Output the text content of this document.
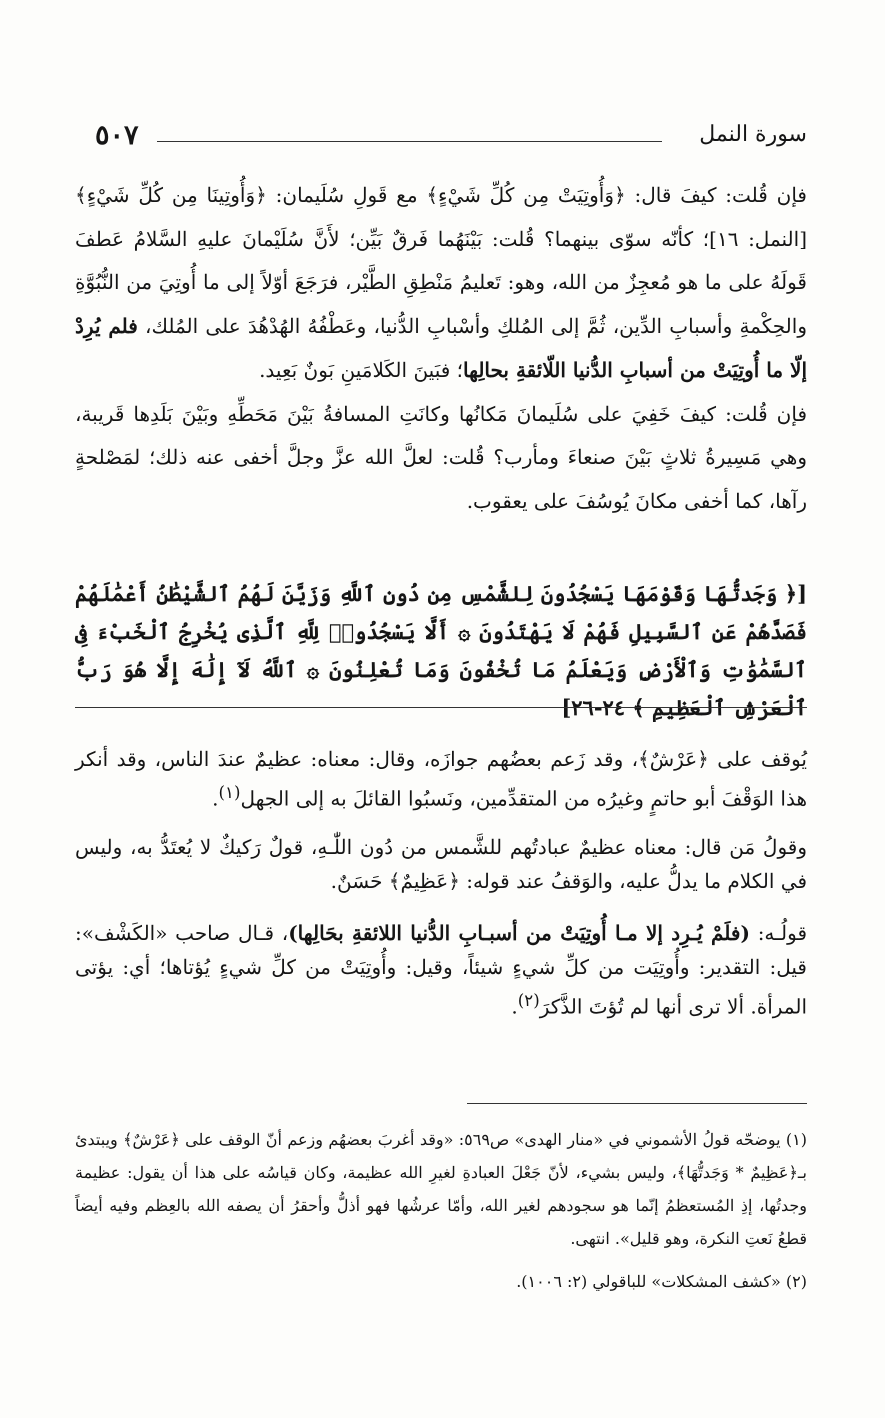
٥٠٧	سورة النمل

فإن قُلت: كيفَ قال: ﴿وَأُوتِيَتْ مِن كُلِّ شَيْءٍ﴾ مع قَولِ سُلَيمان: ﴿وَأُوتِينَا مِن كُلِّ شَيْءٍ﴾ [النمل: ١٦]؛ كأنّه سوّى بينهما؟ قُلت: بَيْنَهُما فَرقٌ بَيِّن؛ لأَنَّ سُلَيْمانَ عليهِ السَّلامُ عَطفَ قَولَهُ على ما هو مُعجِزٌ من الله، وهو: تَعليمُ مَنْطِقِ الطَّيْر، فرَجَعَ أوّلاً إلى ما أُوتِيَ من النُّبُوَّةِ والحِكْمةِ وأسبابِ الدِّين، ثُمَّ إلى المُلكِ وأسْبابِ الدُّنيا، وعَطْفُهُ الهُدْهُدَ على المُلك، فلم يُرِدْ إلّا ما أُوتِيَتْ من أسبابِ الدُّنيا اللّائقةِ بحالِها؛ فبَينَ الكَلامَينِ بَونٌ بَعِيد.

فإن قُلت: كيفَ خَفِيَ على سُلَيمانَ مَكانُها وكانَتِ المسافةُ بَيْنَ مَحَطِّهِ وبَيْنَ بَلَدِها قَريبة، وهي مَسِيرةُ ثلاثٍ بَيْنَ صنعاءَ ومأرب؟ قُلت: لعلَّ الله عزَّ وجلَّ أخفى عنه ذلك؛ لمَصْلحةٍ رآها، كما أخفى مكانَ يُوسُفَ على يعقوب.

[﴿ وَجَدتُّهَا وَقَوْمَهَا يَسْجُدُونَ لِلشَّمْسِ مِن دُونِ ٱللَّهِ وَزَيَّنَ لَهُمُ ٱلشَّيْطَٰنُ أَعْمَٰلَهُمْ فَصَدَّهُمْ عَنِ ٱلسَّبِيلِ فَهُمْ لَا يَهْتَدُونَ ۞ أَلَّا يَسْجُدُوا۟ لِلَّهِ ٱلَّذِى يُخْرِجُ ٱلْخَبْءَ فِى ٱلسَّمَٰوَٰتِ وَٱلْأَرْضِ وَيَعْلَمُ مَا تُخْفُونَ وَمَا تُعْلِنُونَ ۞ ٱللَّهُ لَآ إِلَٰهَ إِلَّا هُوَ رَبُّ ٱلْعَرْشِ ٱلْعَظِيمِ ﴾ ٢٤-٢٦]

يُوقف على ﴿عَرْشٌ﴾، وقد زَعم بعضُهم جوازَه، وقال: معناه: عظيمٌ عندَ الناس، وقد أنكر هذا الوَقْفَ أبو حاتمٍ وغيرُه من المتقدِّمين، ونَسبُوا القائلَ به إلى الجهل$^{(١)}$.

وقولُ مَن قال: معناه عظيمٌ عبادتُهم للشَّمس من دُون اللّٰـهِ، قولٌ رَكيكٌ لا يُعتَدُّ به، وليس في الكلام ما يدلُّ عليه، والوَقفُ عند قوله: ﴿عَظِيمٌ﴾ حَسَنٌ.

قولُـه: (فلَمْ يُـرِد إلا مـا أُوتِيَتْ من أسبـابِ الدُّنيا اللائقةِ بحَالِها)، قـال صاحب «الكَشْف»: قيل: التقدير: وأُوتِيَت من كلِّ شيءٍ شيئاً، وقيل: وأُوتِيَتْ من كلِّ شيءٍ يُؤتاها؛ أي: يؤتى المرأة. ألا ترى أنها لم تُؤتَ الذَّكرَ$^{(٢)}$.

(١) يوضحّه قولُ الأشموني في «منار الهدى» ص٥٦٩: «وقد أغربَ بعضهُم وزعم أنّ الوقف على ﴿عَرْشٌ﴾ ويبتدئ بـ﴿عَظِيمٌ * وَجَدتُّهَا﴾، وليس بشيء، لأنّ جَعْلَ العبادةِ لغيرِ الله عظيمة، وكان قياسُه على هذا أن يقول: عظيمة وجدتُها، إذِ المُستعظمُ إنّما هو سجودهم لغير الله، وأمّا عرشُها فهو أذلُّ وأحقرُ أن يصفه الله بالعِظم وفيه أيضاً قطعُ نَعتِ النكرة، وهو قليل». انتهى.

(٢) «كشف المشكلات» للباقولي (٢: ١٠٠٦).
